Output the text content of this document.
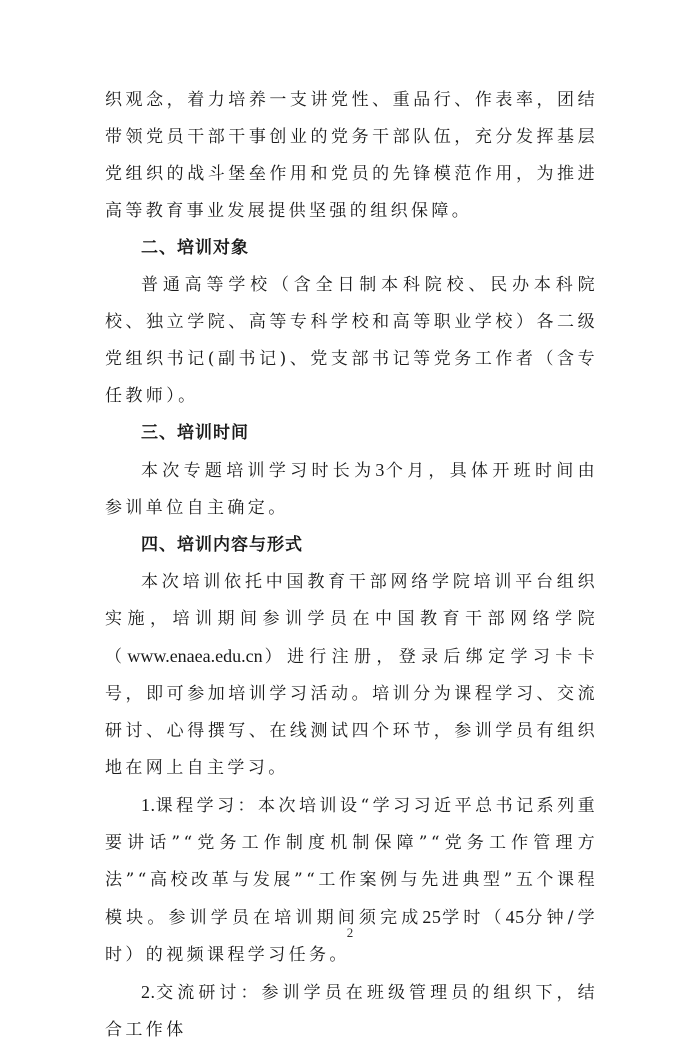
织观念，着力培养一支讲党性、重品行、作表率，团结带领党员干部干事创业的党务干部队伍，充分发挥基层党组织的战斗堡垒作用和党员的先锋模范作用，为推进高等教育事业发展提供坚强的组织保障。

二、培训对象

普通高等学校（含全日制本科院校、民办本科院校、独立学院、高等专科学校和高等职业学校）各二级党组织书记(副书记)、党支部书记等党务工作者（含专任教师）。

三、培训时间

本次专题培训学习时长为3个月，具体开班时间由参训单位自主确定。

四、培训内容与形式

本次培训依托中国教育干部网络学院培训平台组织实施，培训期间参训学员在中国教育干部网络学院（www.enaea.edu.cn）进行注册，登录后绑定学习卡卡号，即可参加培训学习活动。培训分为课程学习、交流研讨、心得撰写、在线测试四个环节，参训学员有组织地在网上自主学习。

1.课程学习：本次培训设“学习习近平总书记系列重要讲话”“党务工作制度机制保障”“党务工作管理方法”“高校改革与发展”“工作案例与先进典型”五个课程模块。参训学员在培训期间须完成25学时（45分钟/学时）的视频课程学习任务。

2.交流研讨：参训学员在班级管理员的组织下，结合工作体

2
